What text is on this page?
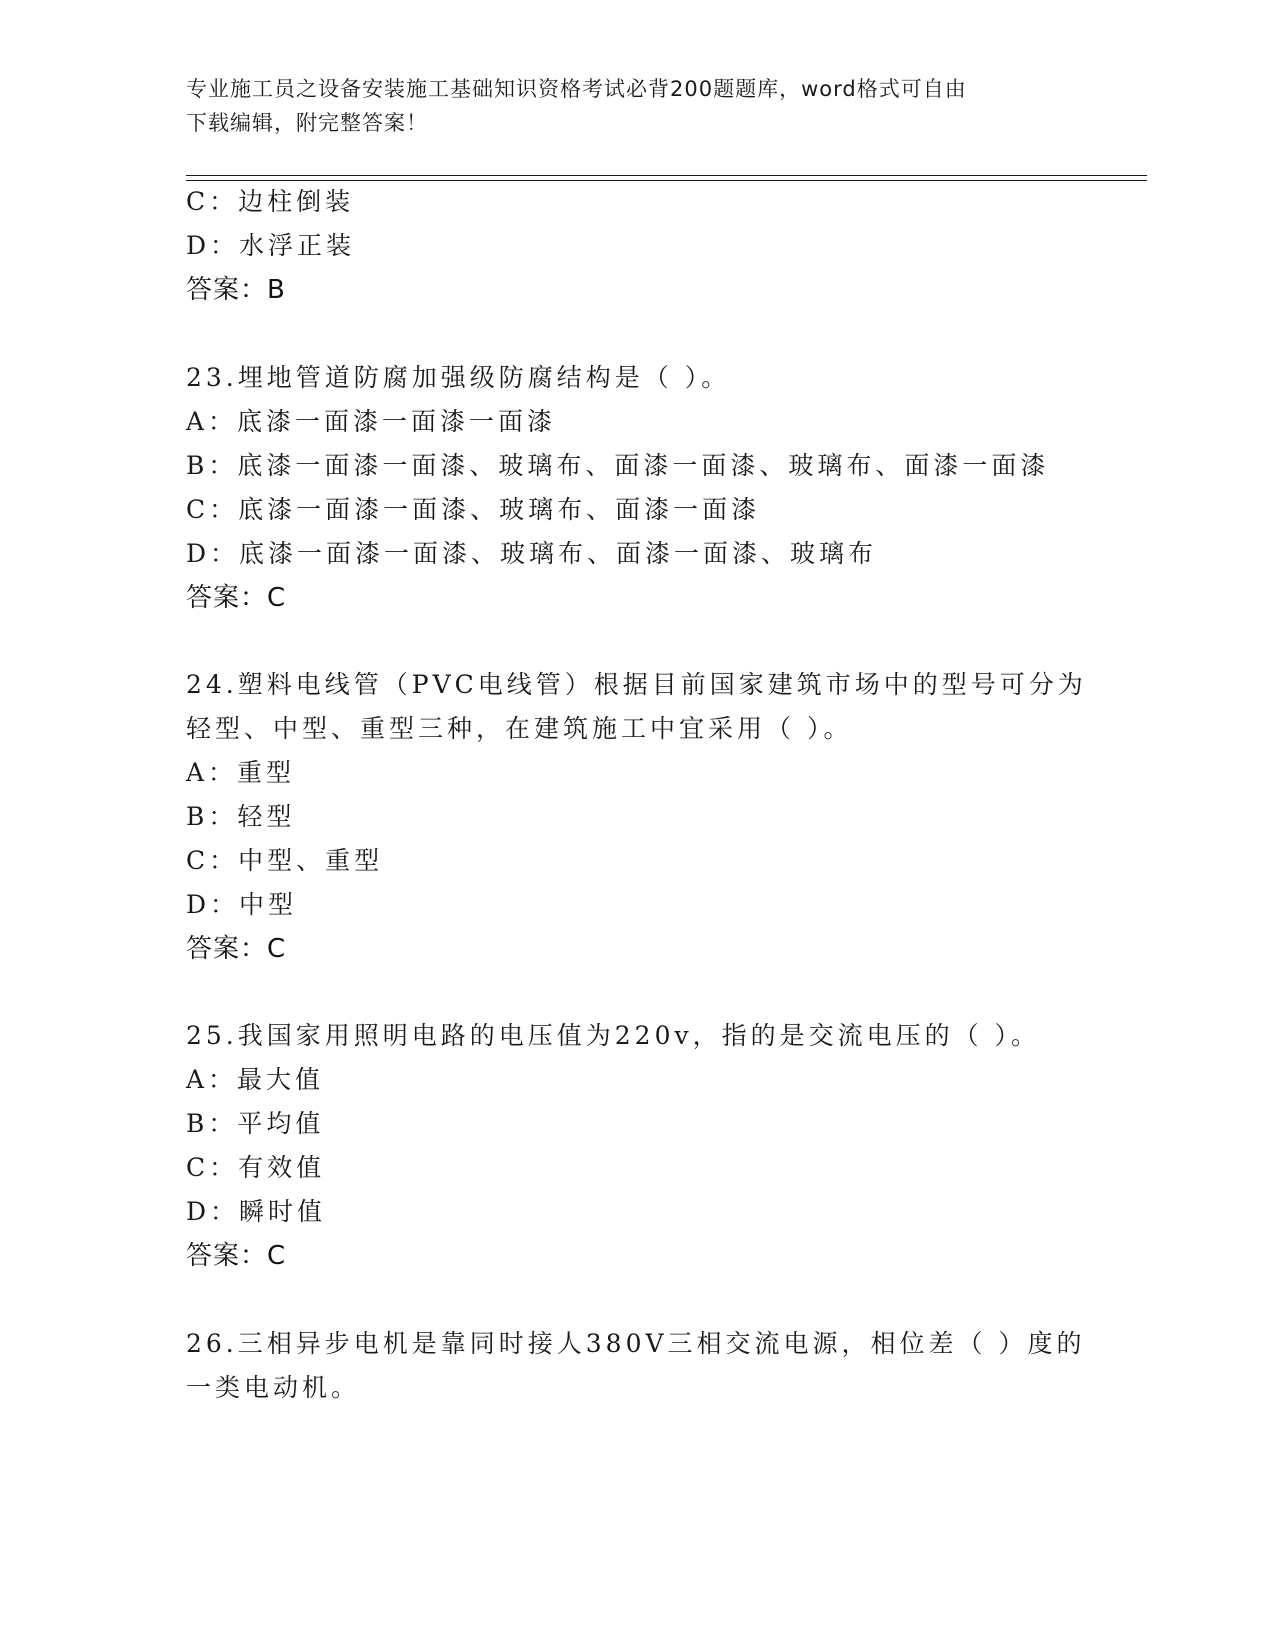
专业施工员之设备安装施工基础知识资格考试必背200题题库，word格式可自由
下载编辑，附完整答案！
C：边柱倒装
D：水浮正装
答案：B
23.埋地管道防腐加强级防腐结构是（ ）。
A：底漆一面漆一面漆一面漆
B：底漆一面漆一面漆、玻璃布、面漆一面漆、玻璃布、面漆一面漆
C：底漆一面漆一面漆、玻璃布、面漆一面漆
D：底漆一面漆一面漆、玻璃布、面漆一面漆、玻璃布
答案：C
24.塑料电线管（PVC电线管）根据目前国家建筑市场中的型号可分为
轻型、中型、重型三种，在建筑施工中宜采用（ ）。
A：重型
B：轻型
C：中型、重型
D：中型
答案：C
25.我国家用照明电路的电压值为220v，指的是交流电压的（ ）。
A：最大值
B：平均值
C：有效值
D：瞬时值
答案：C
26.三相异步电机是靠同时接人380V三相交流电源，相位差（ ）度的
一类电动机。
